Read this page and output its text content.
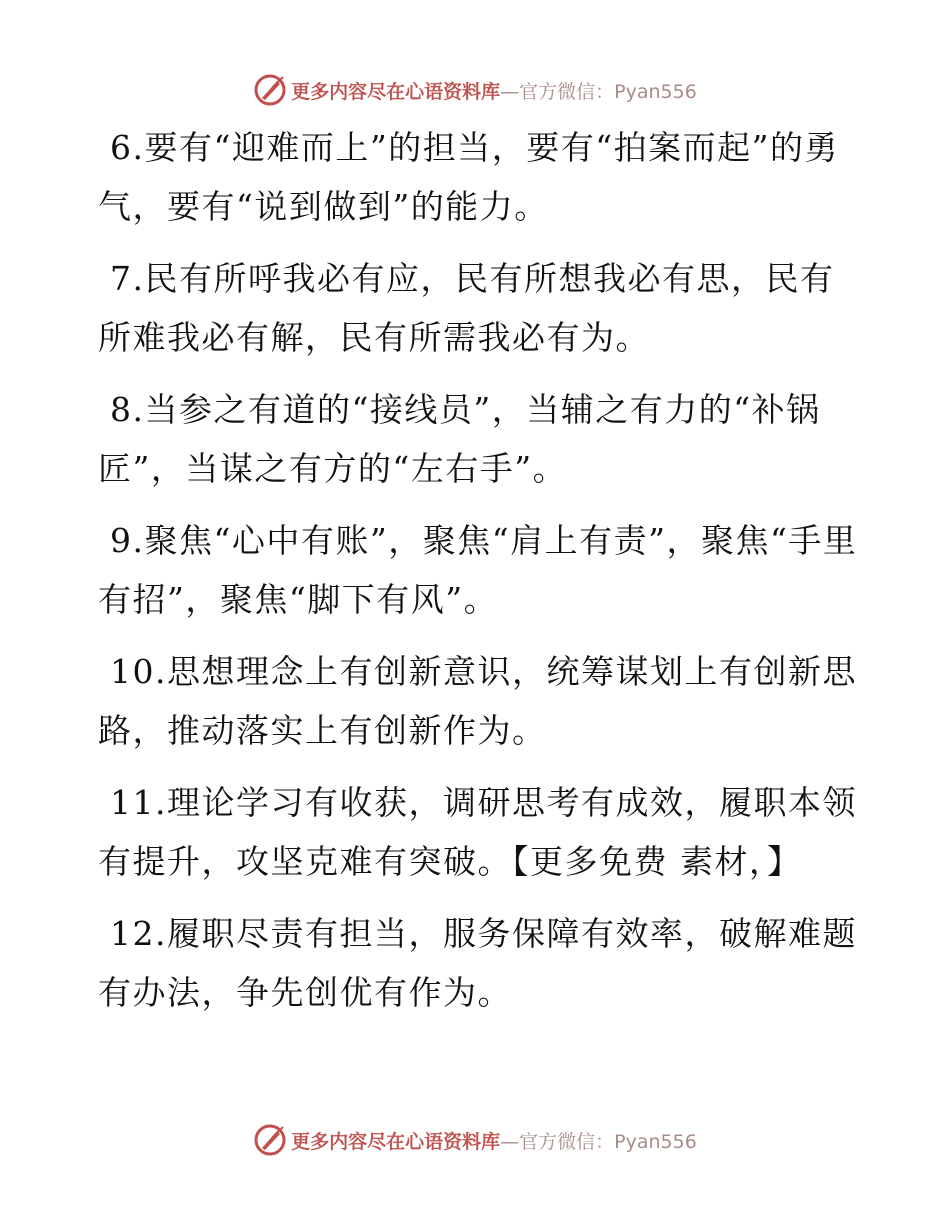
更多内容尽在心语资料库—官方微信：Pyan556

6.要有“迎难而上”的担当，要有“拍案而起”的勇气，要有“说到做到”的能力。

7.民有所呼我必有应，民有所想我必有思，民有所难我必有解，民有所需我必有为。

8.当参之有道的“接线员”，当辅之有力的“补锅匠”，当谋之有方的“左右手”。

9.聚焦“心中有账”，聚焦“肩上有责”，聚焦“手里有招”，聚焦“脚下有风”。

10.思想理念上有创新意识，统筹谋划上有创新思路，推动落实上有创新作为。

11.理论学习有收获，调研思考有成效，履职本领有提升，攻坚克难有突破。【更多免费 素材，】

12.履职尽责有担当，服务保障有效率，破解难题有办法，争先创优有作为。

更多内容尽在心语资料库—官方微信：Pyan556
